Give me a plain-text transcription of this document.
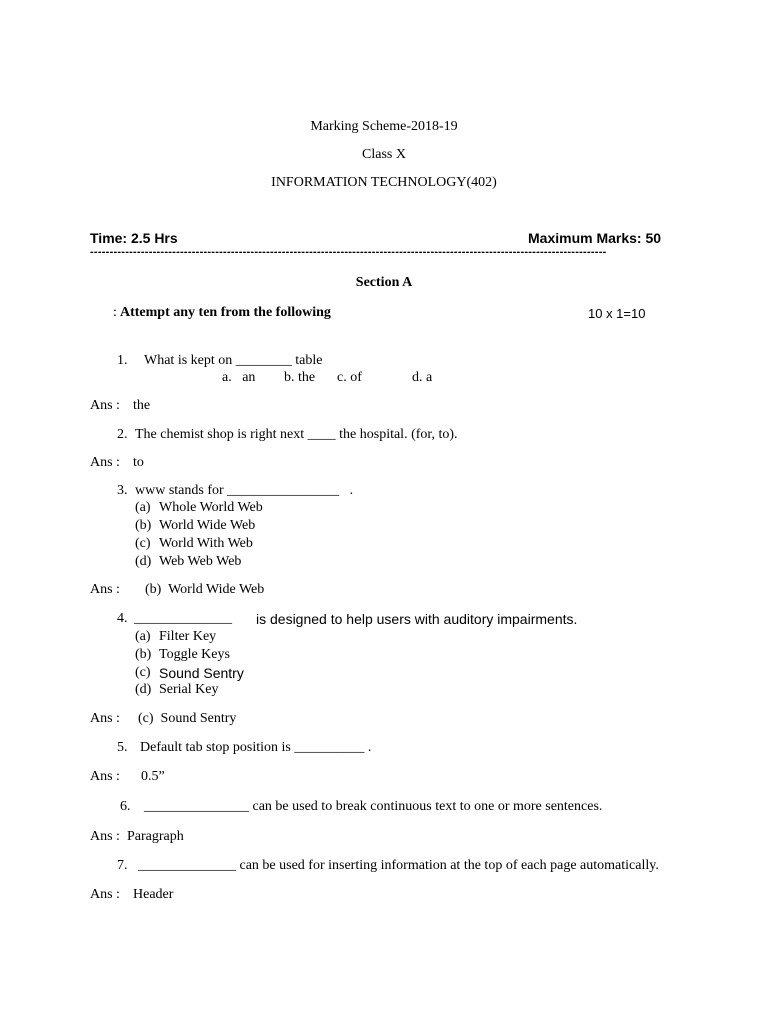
Marking Scheme-2018-19
Class X
INFORMATION TECHNOLOGY(402)
Time: 2.5 Hrs	Maximum Marks: 50
------------------------------------------------------------------------------------------------------------------------------------
Section A
: Attempt any ten from the following	10 x 1=10
1. What is kept on ________ table
a.   an b. the c. of	d. a
Ans : the
2. The chemist shop is right next ____ the hospital. (for, to).
Ans : to
3. www stands for ________________   .
(a) Whole World Web
(b) World Wide Web
(c) World With Web
(d) Web Web Web
Ans : (b)  World Wide Web
4. ______________ is designed to help users with auditory impairments.
(a) Filter Key
(b) Toggle Keys
(c) Sound Sentry
(d) Serial Key
Ans : (c)  Sound Sentry
5. Default tab stop position is __________ .
Ans : 0.5”
6. _______________ can be used to break continuous text to one or more sentences.
Ans : Paragraph
7. ______________ can be used for inserting information at the top of each page automatically.
Ans : Header
